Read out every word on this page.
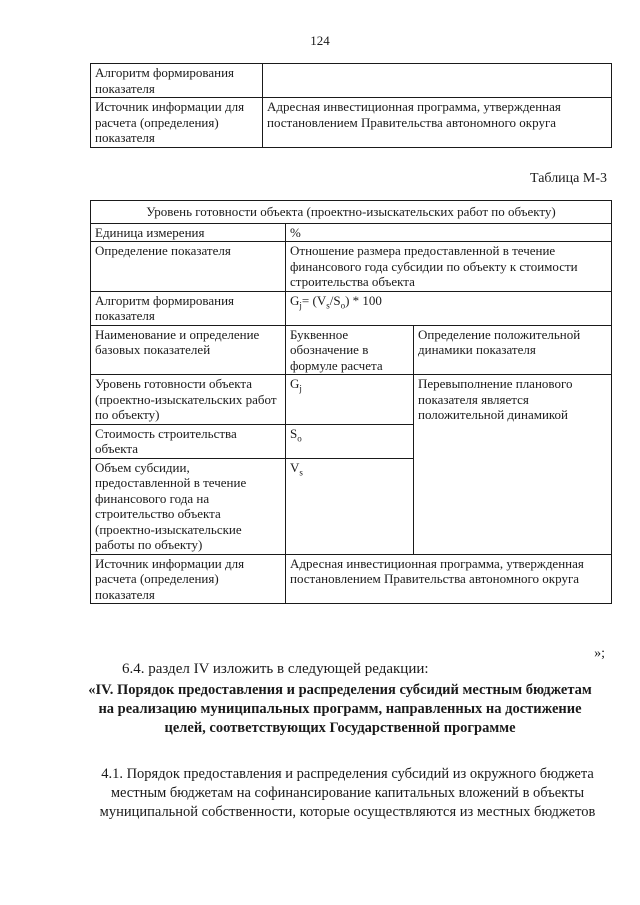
124
Алгоритм формирования показателя	
Источник информации для расчета (определения) показателя	Адресная инвестиционная программа, утвержденная постановлением Правительства автономного округа
Таблица М-3
Уровень готовности объекта (проектно-изыскательских работ по объекту)		
Единица измерения	%	
Определение показателя	Отношение размера предоставленной в течение финансового года субсидии по объекту к стоимости строительства объекта	
Алгоритм формирования показателя	$G_j= (V_s/S_o) * 100$	
Наименование и определение базовых показателей	Буквенное обозначение в формуле расчета	Определение положительной динамики показателя
Уровень готовности объекта (проектно-изыскательских работ по объекту)	$G_j$	Перевыполнение планового показателя является положительной динамикой
Стоимость строительства объекта	$S_o$
Объем субсидии, предоставленной в течение финансового года на строительство объекта (проектно-изыскательские работы по объекту)	$V_s$
Источник информации для расчета (определения) показателя	Адресная инвестиционная программа, утвержденная постановлением Правительства автономного округа	
»;
6.4. раздел IV изложить в следующей редакции:
«IV. Порядок предоставления и распределения субсидий местным бюджетам на реализацию муниципальных программ, направленных на достижение целей, соответствующих Государственной программе
4.1. Порядок предоставления и распределения субсидий из окружного бюджета местным бюджетам на софинансирование капитальных вложений в объекты муниципальной собственности, которые осуществляются из местных бюджетов
